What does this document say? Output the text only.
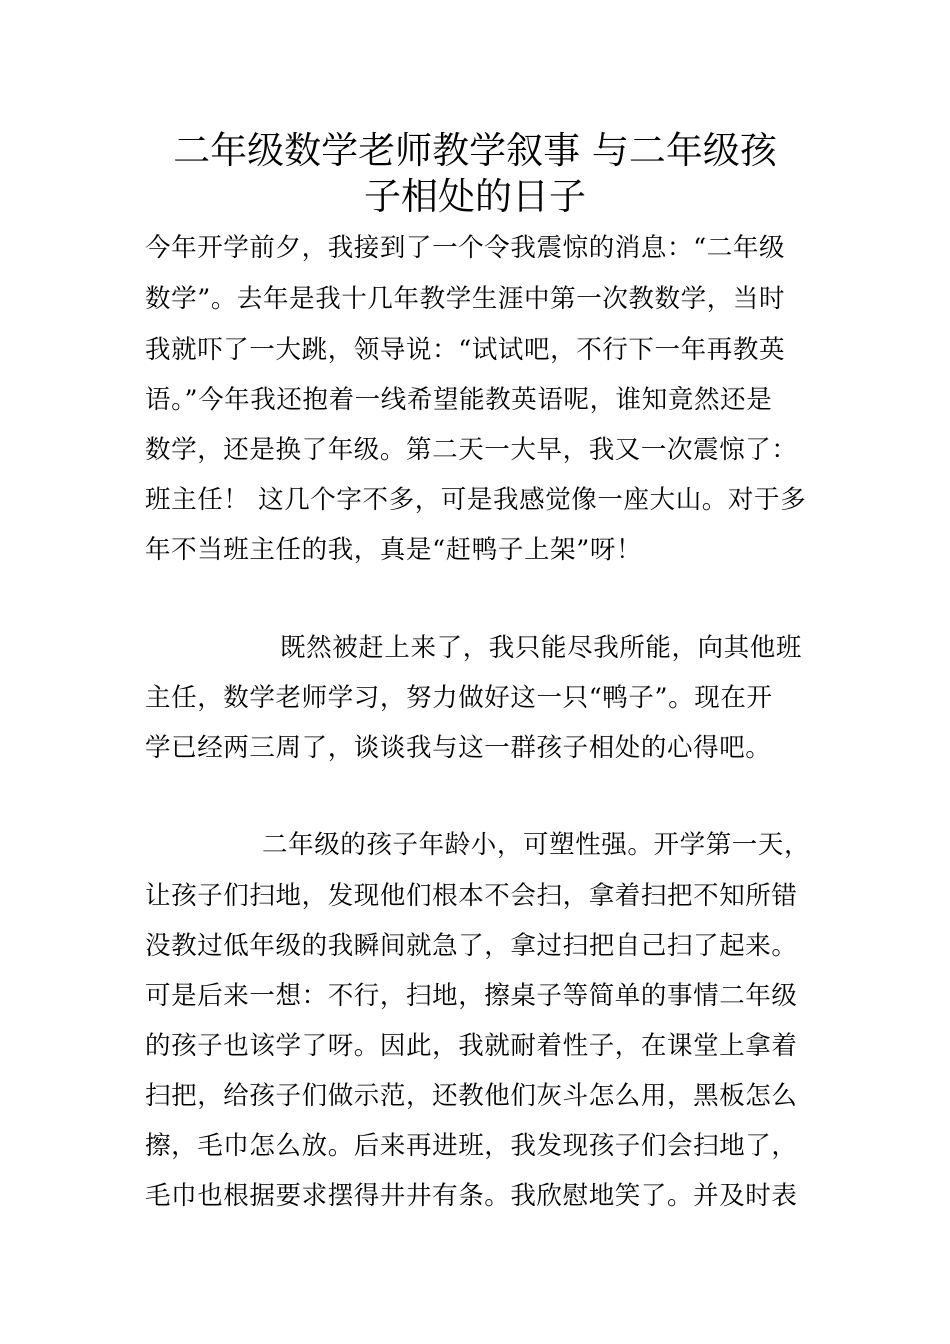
二年级数学老师教学叙事 与二年级孩
子相处的日子
今年开学前夕，我接到了一个令我震惊的消息：“二年级
数学”。去年是我十几年教学生涯中第一次教数学，当时
我就吓了一大跳，领导说：“试试吧，不行下一年再教英
语。”今年我还抱着一线希望能教英语呢，谁知竟然还是
数学，还是换了年级。第二天一大早，我又一次震惊了：
班主任！ 这几个字不多，可是我感觉像一座大山。对于多
年不当班主任的我，真是“赶鸭子上架”呀！
既然被赶上来了，我只能尽我所能，向其他班
主任，数学老师学习，努力做好这一只“鸭子”。现在开
学已经两三周了，谈谈我与这一群孩子相处的心得吧。
二年级的孩子年龄小，可塑性强。开学第一天，
让孩子们扫地，发现他们根本不会扫，拿着扫把不知所错
没教过低年级的我瞬间就急了，拿过扫把自己扫了起来。
可是后来一想：不行，扫地，擦桌子等简单的事情二年级
的孩子也该学了呀。因此，我就耐着性子，在课堂上拿着
扫把，给孩子们做示范，还教他们灰斗怎么用，黑板怎么
擦，毛巾怎么放。后来再进班，我发现孩子们会扫地了，
毛巾也根据要求摆得井井有条。我欣慰地笑了。并及时表
